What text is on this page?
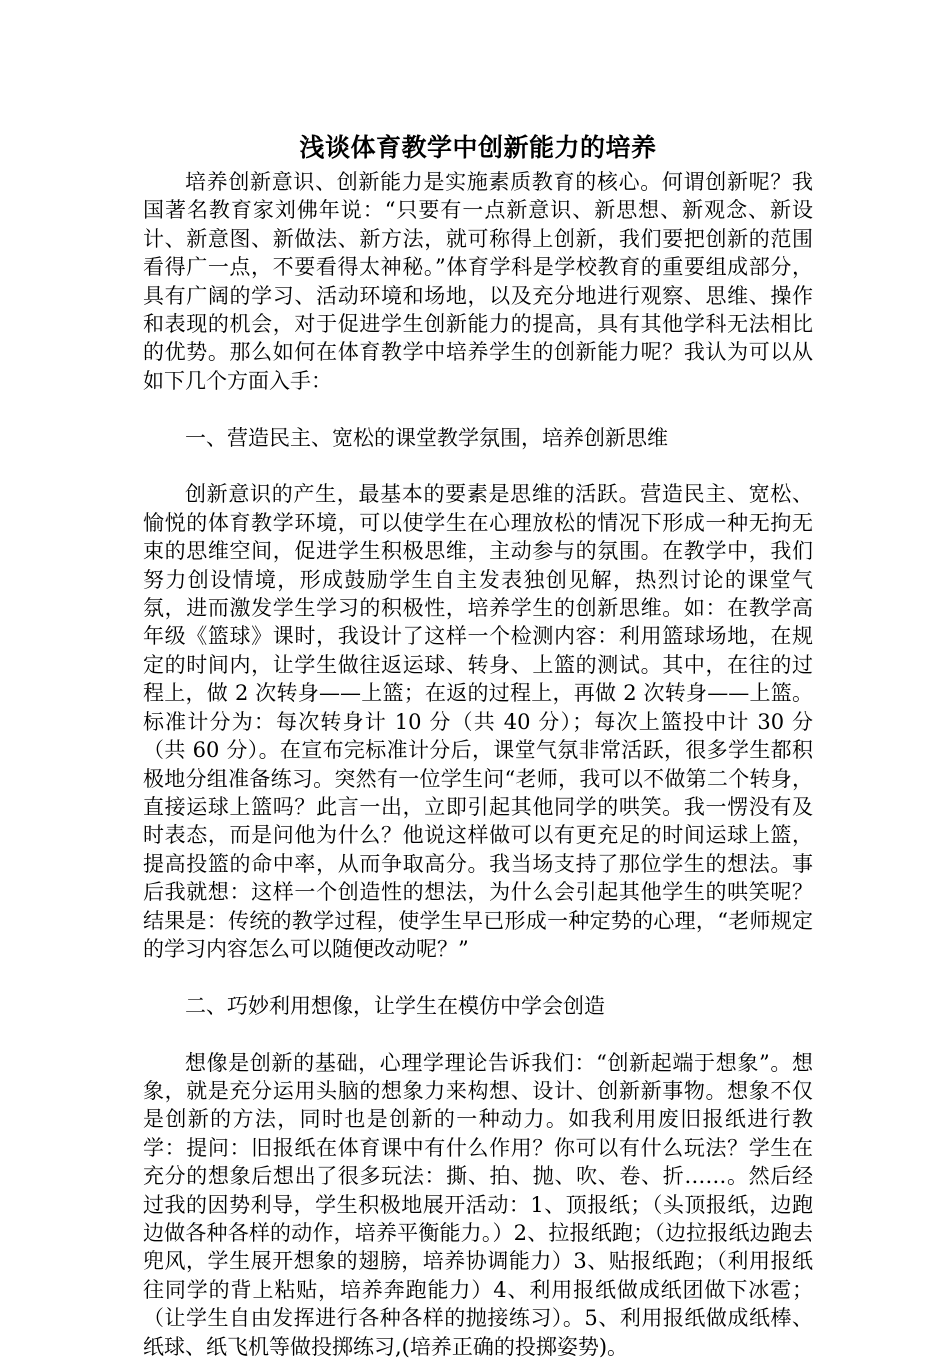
浅谈体育教学中创新能力的培养

培养创新意识、创新能力是实施素质教育的核心。何谓创新呢？我国著名教育家刘佛年说：“只要有一点新意识、新思想、新观念、新设计、新意图、新做法、新方法，就可称得上创新，我们要把创新的范围看得广一点，不要看得太神秘。”体育学科是学校教育的重要组成部分，具有广阔的学习、活动环境和场地，以及充分地进行观察、思维、操作和表现的机会，对于促进学生创新能力的提高，具有其他学科无法相比的优势。那么如何在体育教学中培养学生的创新能力呢？我认为可以从如下几个方面入手：

一、营造民主、宽松的课堂教学氛围，培养创新思维

创新意识的产生，最基本的要素是思维的活跃。营造民主、宽松、愉悦的体育教学环境，可以使学生在心理放松的情况下形成一种无拘无束的思维空间，促进学生积极思维，主动参与的氛围。在教学中，我们努力创设情境，形成鼓励学生自主发表独创见解，热烈讨论的课堂气氛，进而激发学生学习的积极性，培养学生的创新思维。如：在教学高年级《篮球》课时，我设计了这样一个检测内容：利用篮球场地，在规定的时间内，让学生做往返运球、转身、上篮的测试。其中，在往的过程上，做 2 次转身——上篮；在返的过程上，再做 2 次转身——上篮。标准计分为：每次转身计 10 分（共 40 分）；每次上篮投中计 30 分（共 60 分）。在宣布完标准计分后，课堂气氛非常活跃，很多学生都积极地分组准备练习。突然有一位学生问“老师，我可以不做第二个转身，直接运球上篮吗？此言一出，立即引起其他同学的哄笑。我一愣没有及时表态，而是问他为什么？他说这样做可以有更充足的时间运球上篮，提高投篮的命中率，从而争取高分。我当场支持了那位学生的想法。事后我就想：这样一个创造性的想法，为什么会引起其他学生的哄笑呢？结果是：传统的教学过程，使学生早已形成一种定势的心理，“老师规定的学习内容怎么可以随便改动呢？”

二、巧妙利用想像，让学生在模仿中学会创造

想像是创新的基础，心理学理论告诉我们：“创新起端于想象”。想象，就是充分运用头脑的想象力来构想、设计、创新新事物。想象不仅是创新的方法，同时也是创新的一种动力。如我利用废旧报纸进行教学：提问：旧报纸在体育课中有什么作用？你可以有什么玩法？学生在充分的想象后想出了很多玩法：撕、拍、抛、吹、卷、折……。然后经过我的因势利导，学生积极地展开活动：1、顶报纸；（头顶报纸，边跑边做各种各样的动作，培养平衡能力。）2、拉报纸跑；（边拉报纸边跑去兜风，学生展开想象的翅膀，培养协调能力）3、贴报纸跑；（利用报纸往同学的背上粘贴，培养奔跑能力）4、利用报纸做成纸团做下冰雹；（让学生自由发挥进行各种各样的抛接练习）。5、利用报纸做成纸棒、纸球、纸飞机等做投掷练习,(培养正确的投掷姿势)。
